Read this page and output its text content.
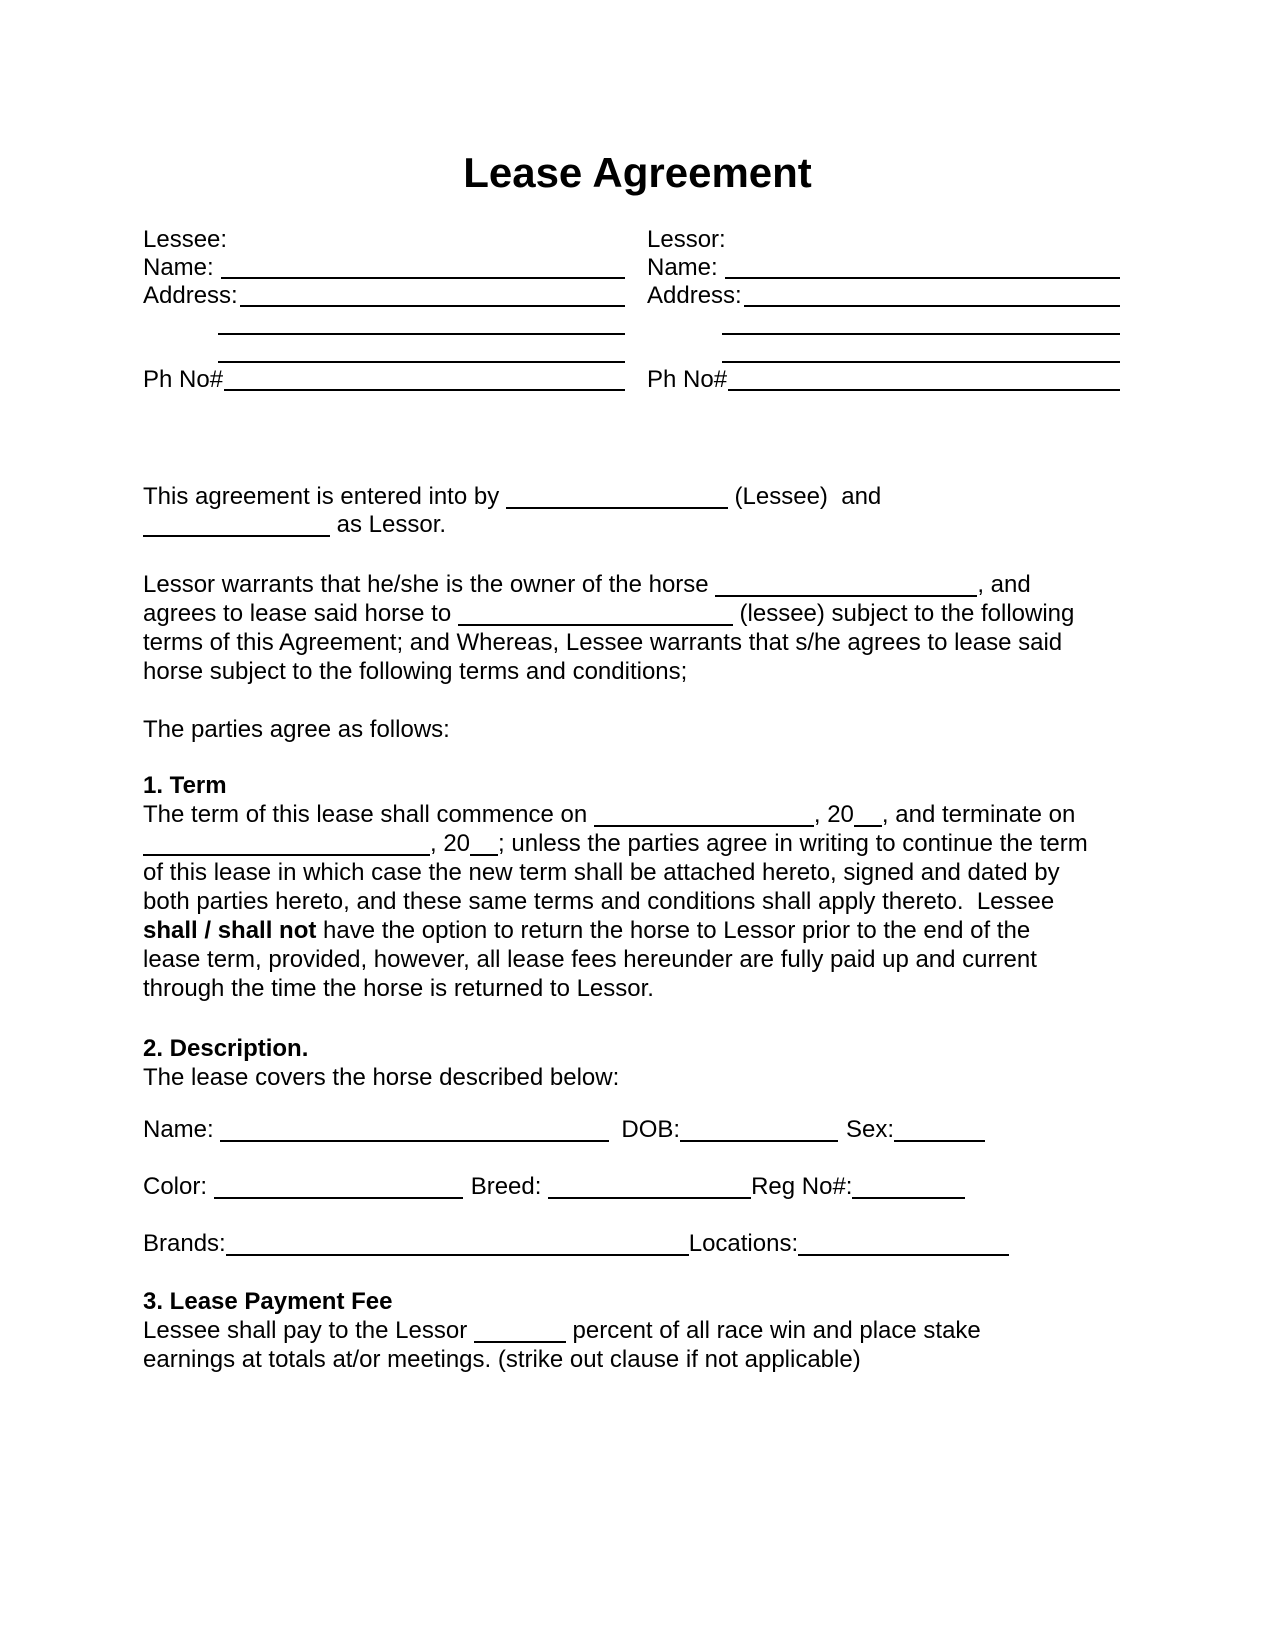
Lease Agreement
Lessee:
Name:
Address:
Ph No#
Lessor:
Name:
Address:
Ph No#
This agreement is entered into by	(Lessee)  and
as Lessor.
Lessor warrants that he/she is the owner of the horse	, and
agrees to lease said horse to	(lessee) subject to the following
terms of this Agreement; and Whereas, Lessee warrants that s/he agrees to lease said
horse subject to the following terms and conditions;
The parties agree as follows:
1. Term
The term of this lease shall commence on	, 20 , and terminate on
, 20 ; unless the parties agree in writing to continue the term
of this lease in which case the new term shall be attached hereto, signed and dated by
both parties hereto, and these same terms and conditions shall apply thereto.  Lessee
shall / shall not have the option to return the horse to Lessor prior to the end of the
lease term, provided, however, all lease fees hereunder are fully paid up and current
through the time the horse is returned to Lessor.
2. Description.
The lease covers the horse described below:
Name:	DOB:	Sex:
Color:	Breed:	Reg No#:
Brands:	Locations:
3. Lease Payment Fee
Lessee shall pay to the Lessor	percent of all race win and place stake
earnings at totals at/or meetings. (strike out clause if not applicable)
